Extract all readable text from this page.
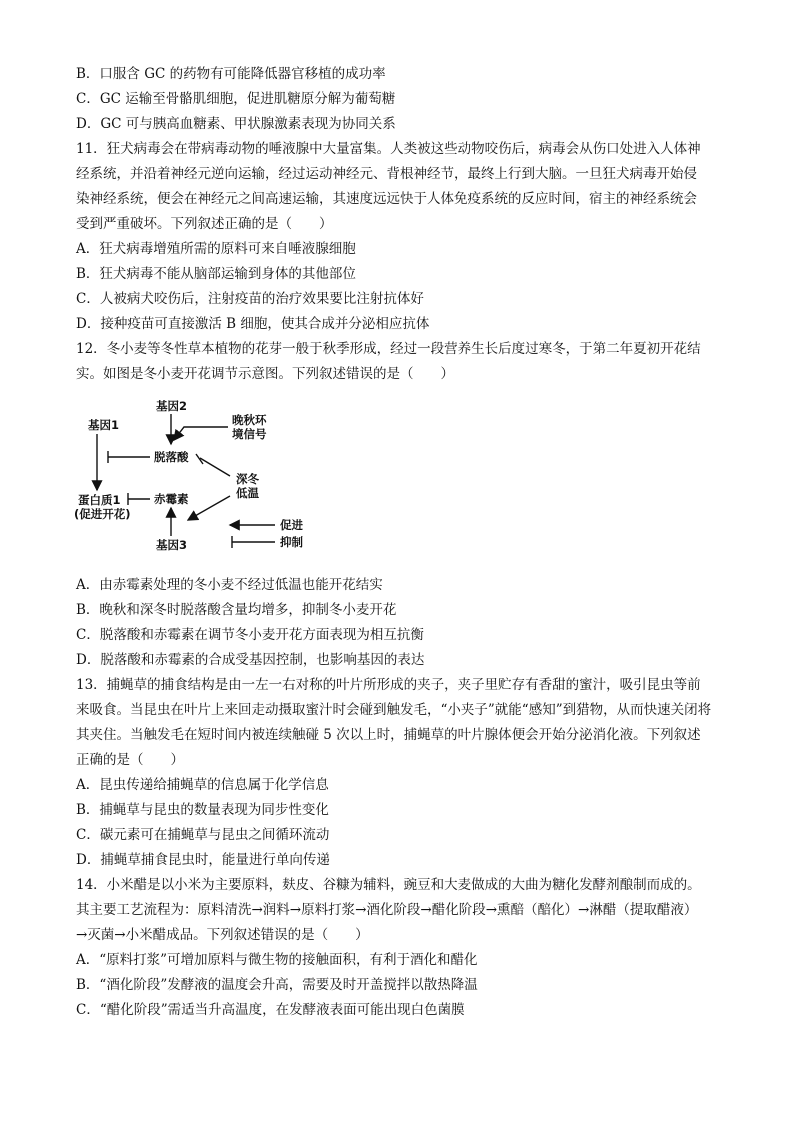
B．口服含 GC 的药物有可能降低器官移植的成功率
C．GC 运输至骨骼肌细胞，促进肌糖原分解为葡萄糖
D．GC 可与胰高血糖素、甲状腺激素表现为协同关系
11．狂犬病毒会在带病毒动物的唾液腺中大量富集。人类被这些动物咬伤后，病毒会从伤口处进入人体神
经系统，并沿着神经元逆向运输，经过运动神经元、背根神经节，最终上行到大脑。一旦狂犬病毒开始侵
染神经系统，便会在神经元之间高速运输，其速度远远快于人体免疫系统的反应时间，宿主的神经系统会
受到严重破坏。下列叙述正确的是（　　）
A．狂犬病毒增殖所需的原料可来自唾液腺细胞
B．狂犬病毒不能从脑部运输到身体的其他部位
C．人被病犬咬伤后，注射疫苗的治疗效果要比注射抗体好
D．接种疫苗可直接激活 B 细胞，使其合成并分泌相应抗体
12．冬小麦等冬性草本植物的花芽一般于秋季形成，经过一段营养生长后度过寒冬，于第二年夏初开花结
实。如图是冬小麦开花调节示意图。下列叙述错误的是（　　）
基因2
基因1	晚秋环
境信号
脱落酸
深冬
低温
赤霉素
蛋白质1
(促进开花)
基因3
促进
抑制
A．由赤霉素处理的冬小麦不经过低温也能开花结实
B．晚秋和深冬时脱落酸含量均增多，抑制冬小麦开花
C．脱落酸和赤霉素在调节冬小麦开花方面表现为相互抗衡
D．脱落酸和赤霉素的合成受基因控制，也影响基因的表达
13．捕蝇草的捕食结构是由一左一右对称的叶片所形成的夹子，夹子里贮存有香甜的蜜汁，吸引昆虫等前
来吸食。当昆虫在叶片上来回走动摄取蜜汁时会碰到触发毛，“小夹子”就能“感知”到猎物，从而快速关闭将
其夹住。当触发毛在短时间内被连续触碰 5 次以上时，捕蝇草的叶片腺体便会开始分泌消化液。下列叙述
正确的是（　　）
A．昆虫传递给捕蝇草的信息属于化学信息
B．捕蝇草与昆虫的数量表现为同步性变化
C．碳元素可在捕蝇草与昆虫之间循环流动
D．捕蝇草捕食昆虫时，能量进行单向传递
14．小米醋是以小米为主要原料，麸皮、谷糠为辅料，豌豆和大麦做成的大曲为糖化发酵剂酿制而成的。
其主要工艺流程为：原料清洗→润料→原料打浆→酒化阶段→醋化阶段→熏醅（醅化）→淋醋（提取醋液）
→灭菌→小米醋成品。下列叙述错误的是（　　）
A．“原料打浆”可增加原料与微生物的接触面积，有利于酒化和醋化
B．“酒化阶段”发酵液的温度会升高，需要及时开盖搅拌以散热降温
C．“醋化阶段”需适当升高温度，在发酵液表面可能出现白色菌膜
